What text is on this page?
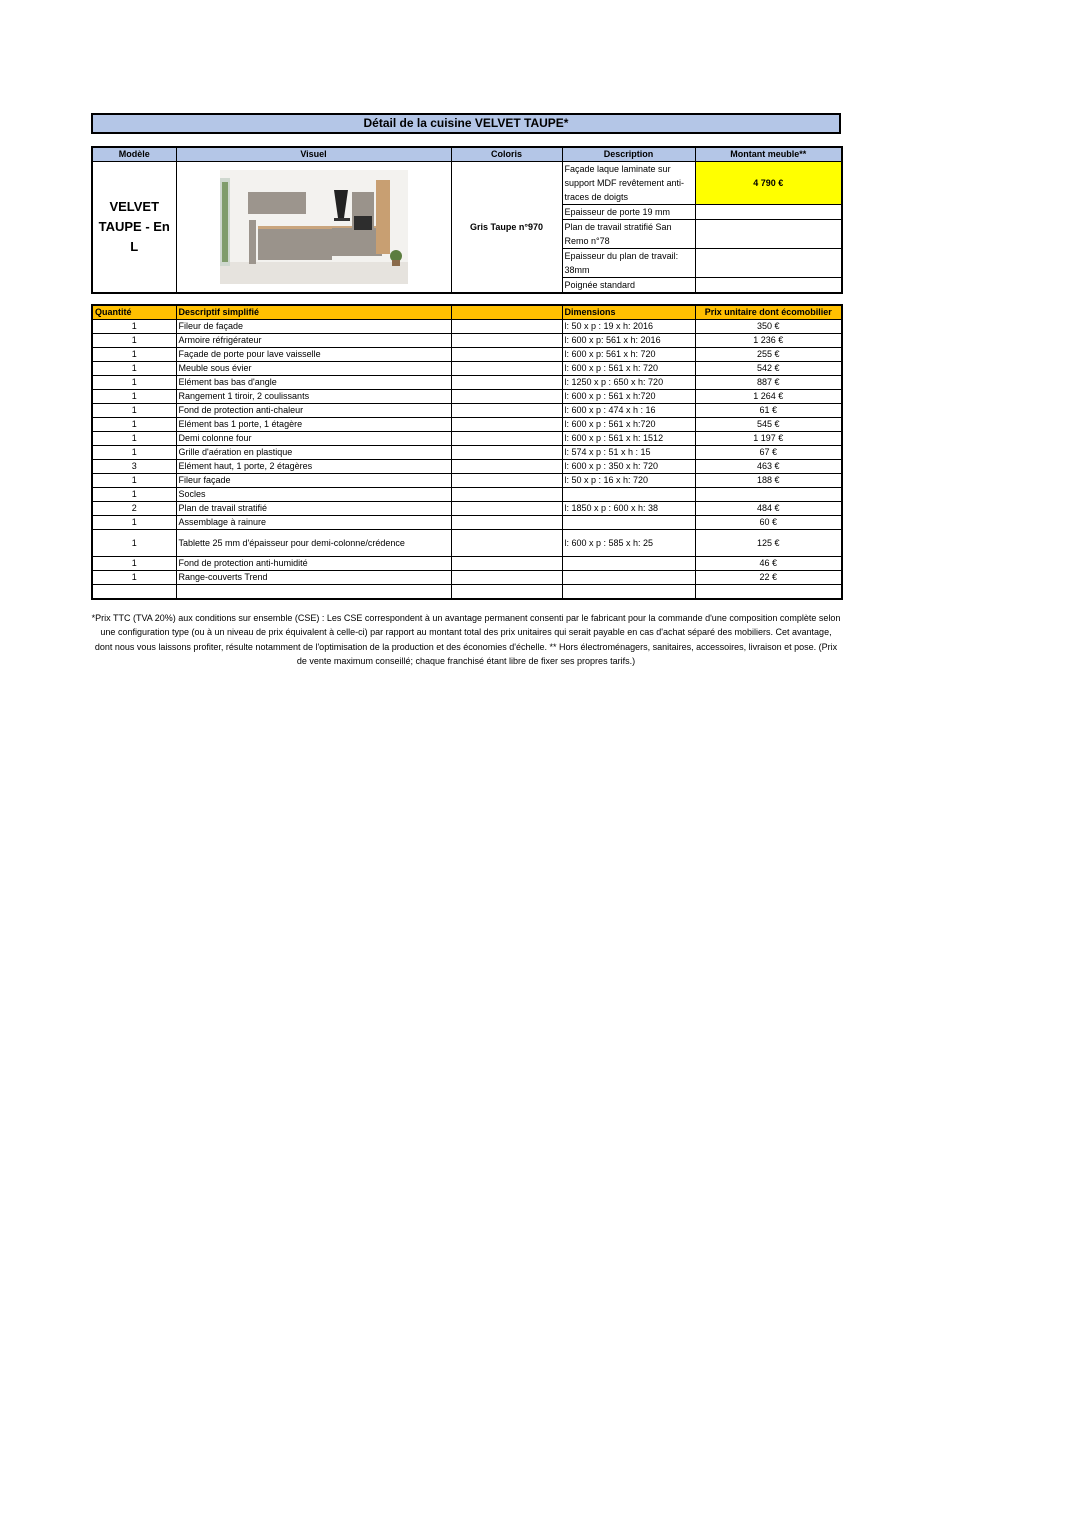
Détail de la cuisine VELVET TAUPE*
Modèle	Visuel	Coloris	Description	Montant meuble**
VELVET TAUPE - En L		Gris Taupe n°970	Façade laque laminate sur support MDF revêtement anti-traces de doigts	4 790 €
			Epaisseur de porte 19 mm	
			Plan de travail stratifié San Remo n°78	
			Epaisseur du plan de travail: 38mm	
			Poignée standard	
Quantité	Descriptif simplifié		Dimensions	Prix unitaire dont écomobilier
1	Fileur de façade		l: 50 x p : 19 x h: 2016	350 €
1	Armoire réfrigérateur		l: 600 x p: 561 x h: 2016	1 236 €
1	Façade de porte pour lave vaisselle		l: 600 x p: 561 x h: 720	255 €
1	Meuble sous évier		l: 600 x p : 561 x h: 720	542 €
1	Elément bas bas d'angle		l: 1250 x p : 650 x h: 720	887 €
1	Rangement 1 tiroir, 2 coulissants		l: 600 x p : 561 x h:720	1 264 €
1	Fond de protection anti-chaleur		l: 600 x p : 474 x h : 16	61 €
1	Elément bas 1 porte, 1 étagère		l: 600 x p : 561 x h:720	545 €
1	Demi colonne four		l: 600 x p : 561 x h: 1512	1 197 €
1	Grille d'aération en plastique		l: 574 x p : 51 x h : 15	67 €
3	Elément haut, 1 porte, 2 étagères		l: 600 x p : 350 x h: 720	463 €
1	Fileur façade		l: 50 x p : 16 x h: 720	188 €
1	Socles			
2	Plan de travail stratifié		l: 1850 x p : 600 x h: 38	484 €
1	Assemblage à rainure			60 €
1	Tablette 25 mm d'épaisseur pour demi-colonne/crédence		l: 600 x p : 585 x h: 25	125 €
1	Fond de protection anti-humidité			46 €
1	Range-couverts Trend			22 €

*Prix TTC (TVA 20%) aux conditions sur ensemble (CSE) : Les CSE correspondent à un avantage permanent consenti par le fabricant pour la commande d'une composition complète selon une configuration type (ou à un niveau de prix équivalent à celle-ci) par rapport au montant total des prix unitaires qui serait payable en cas d'achat séparé des mobiliers. Cet avantage, dont nous vous laissons profiter, résulte notamment de l'optimisation de la production et des économies d'échelle. ** Hors électroménagers, sanitaires, accessoires, livraison et pose. (Prix de vente maximum conseillé; chaque franchisé étant libre de fixer ses propres tarifs.)
